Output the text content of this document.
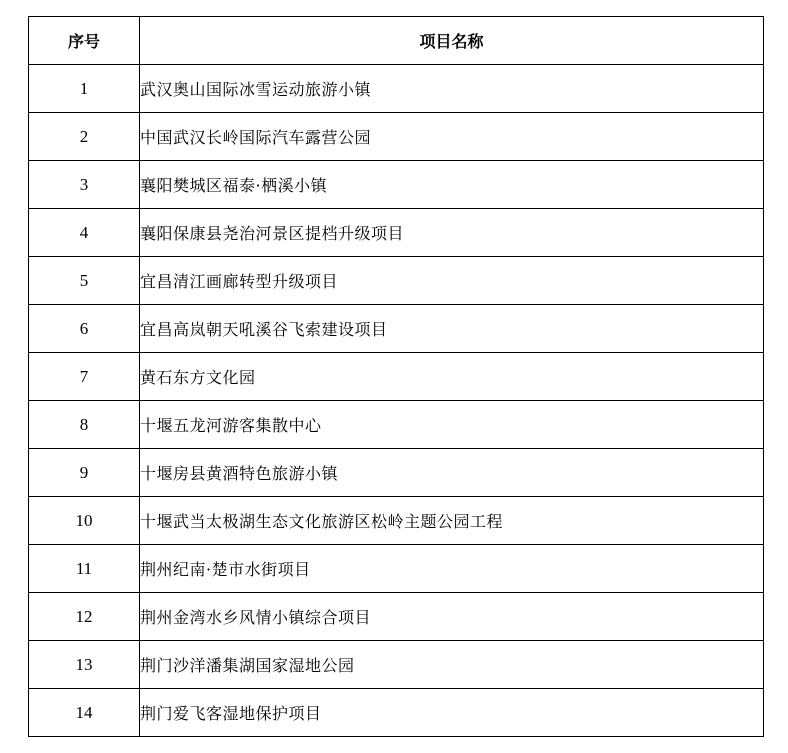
序号	项目名称
1	武汉奥山国际冰雪运动旅游小镇
2	中国武汉长岭国际汽车露营公园
3	襄阳樊城区福泰·栖溪小镇
4	襄阳保康县尧治河景区提档升级项目
5	宜昌清江画廊转型升级项目
6	宜昌高岚朝天吼溪谷飞索建设项目
7	黄石东方文化园
8	十堰五龙河游客集散中心
9	十堰房县黄酒特色旅游小镇
10	十堰武当太极湖生态文化旅游区松岭主题公园工程
11	荆州纪南·楚市水街项目
12	荆州金湾水乡风情小镇综合项目
13	荆门沙洋潘集湖国家湿地公园
14	荆门爱飞客湿地保护项目
